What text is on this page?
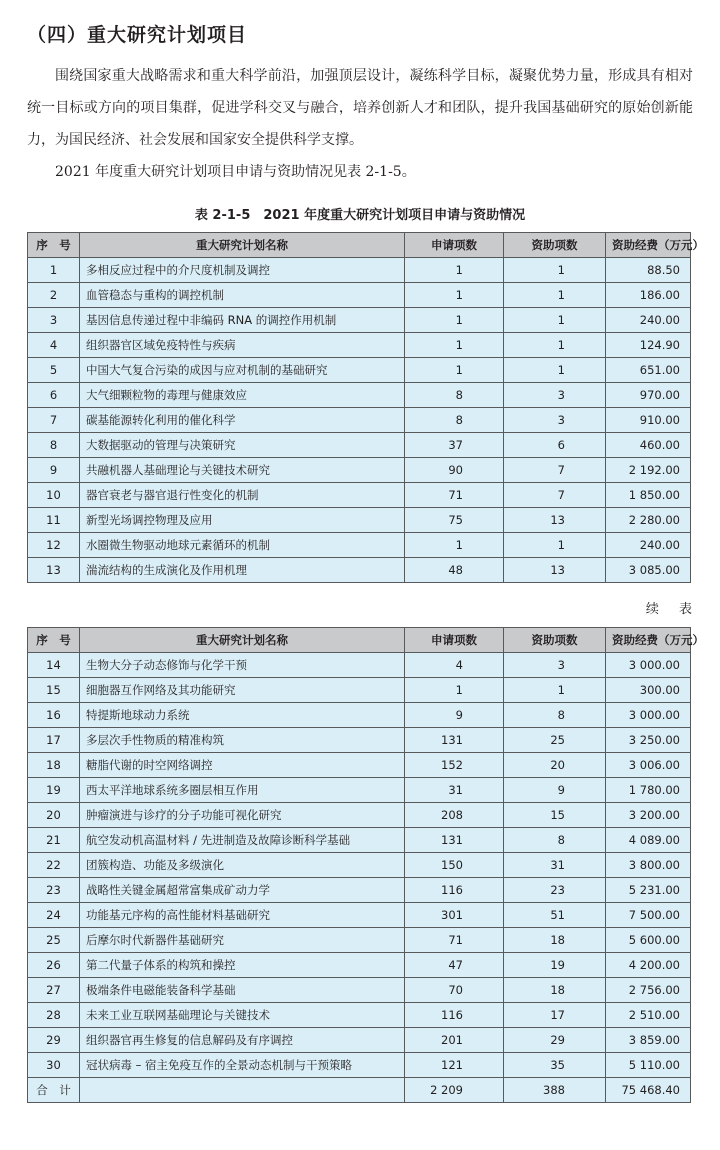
（四）重大研究计划项目

围绕国家重大战略需求和重大科学前沿，加强顶层设计，凝练科学目标，凝聚优势力量，形成具有相对统一目标或方向的项目集群，促进学科交叉与融合，培养创新人才和团队，提升我国基础研究的原始创新能力，为国民经济、社会发展和国家安全提供科学支撑。

2021 年度重大研究计划项目申请与资助情况见表 2-1-5。

表 2-1-5　2021 年度重大研究计划项目申请与资助情况
序　号	重大研究计划名称	申请项数	资助项数	资助经费（万元）
1	多相反应过程中的介尺度机制及调控	1	1	88.50
2	血管稳态与重构的调控机制	1	1	186.00
3	基因信息传递过程中非编码 RNA 的调控作用机制	1	1	240.00
4	组织器官区域免疫特性与疾病	1	1	124.90
5	中国大气复合污染的成因与应对机制的基础研究	1	1	651.00
6	大气细颗粒物的毒理与健康效应	8	3	970.00
7	碳基能源转化利用的催化科学	8	3	910.00
8	大数据驱动的管理与决策研究	37	6	460.00
9	共融机器人基础理论与关键技术研究	90	7	2 192.00
10	器官衰老与器官退行性变化的机制	71	7	1 850.00
11	新型光场调控物理及应用	75	13	2 280.00
12	水圈微生物驱动地球元素循环的机制	1	1	240.00
13	湍流结构的生成演化及作用机理	48	13	3 085.00
续 表
序　号	重大研究计划名称	申请项数	资助项数	资助经费（万元）
14	生物大分子动态修饰与化学干预	4	3	3 000.00
15	细胞器互作网络及其功能研究	1	1	300.00
16	特提斯地球动力系统	9	8	3 000.00
17	多层次手性物质的精准构筑	131	25	3 250.00
18	糖脂代谢的时空网络调控	152	20	3 006.00
19	西太平洋地球系统多圈层相互作用	31	9	1 780.00
20	肿瘤演进与诊疗的分子功能可视化研究	208	15	3 200.00
21	航空发动机高温材料 / 先进制造及故障诊断科学基础	131	8	4 089.00
22	团簇构造、功能及多级演化	150	31	3 800.00
23	战略性关键金属超常富集成矿动力学	116	23	5 231.00
24	功能基元序构的高性能材料基础研究	301	51	7 500.00
25	后摩尔时代新器件基础研究	71	18	5 600.00
26	第二代量子体系的构筑和操控	47	19	4 200.00
27	极端条件电磁能装备科学基础	70	18	2 756.00
28	未来工业互联网基础理论与关键技术	116	17	2 510.00
29	组织器官再生修复的信息解码及有序调控	201	29	3 859.00
30	冠状病毒 – 宿主免疫互作的全景动态机制与干预策略	121	35	5 110.00
合　计		2 209	388	75 468.40
